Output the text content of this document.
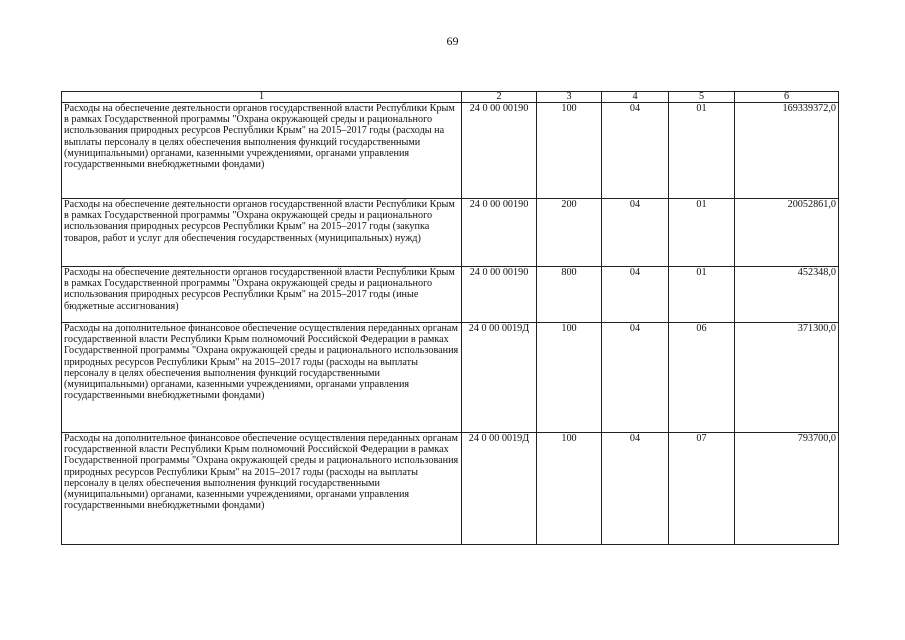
69
1	2	3	4	5	6
Расходы на обеспечение деятельности органов государственной власти Республики Крым в рамках Государственной программы "Охрана окружающей среды и рационального использования природных ресурсов Республики Крым" на 2015–2017 годы (расходы на выплаты персоналу в целях обеспечения выполнения функций государственными (муниципальными) органами, казенными учреждениями, органами управления государственными внебюджетными фондами)	24 0 00 00190	100	04	01	169339372,0
Расходы на обеспечение деятельности органов государственной власти Республики Крым в рамках Государственной программы "Охрана окружающей среды и рационального использования природных ресурсов Республики Крым" на 2015–2017 годы (закупка товаров, работ и услуг для обеспечения государственных (муниципальных) нужд)	24 0 00 00190	200	04	01	20052861,0
Расходы на обеспечение деятельности органов государственной власти Республики Крым в рамках Государственной программы "Охрана окружающей среды и рационального использования природных ресурсов Республики Крым" на 2015–2017 годы (иные бюджетные ассигнования)	24 0 00 00190	800	04	01	452348,0
Расходы на дополнительное финансовое обеспечение осуществления переданных органам государственной власти Республики Крым полномочий Российской Федерации в рамках Государственной программы "Охрана окружающей среды и рационального использования природных ресурсов Республики Крым" на 2015–2017 годы (расходы на выплаты персоналу в целях обеспечения выполнения функций государственными (муниципальными) органами, казенными учреждениями, органами управления государственными внебюджетными фондами)	24 0 00 0019Д	100	04	06	371300,0
Расходы на дополнительное финансовое обеспечение осуществления переданных органам государственной власти Республики Крым полномочий Российской Федерации в рамках Государственной программы "Охрана окружающей среды и рационального использования природных ресурсов Республики Крым" на 2015–2017 годы (расходы на выплаты персоналу в целях обеспечения выполнения функций государственными (муниципальными) органами, казенными учреждениями, органами управления государственными внебюджетными фондами)	24 0 00 0019Д	100	04	07	793700,0
